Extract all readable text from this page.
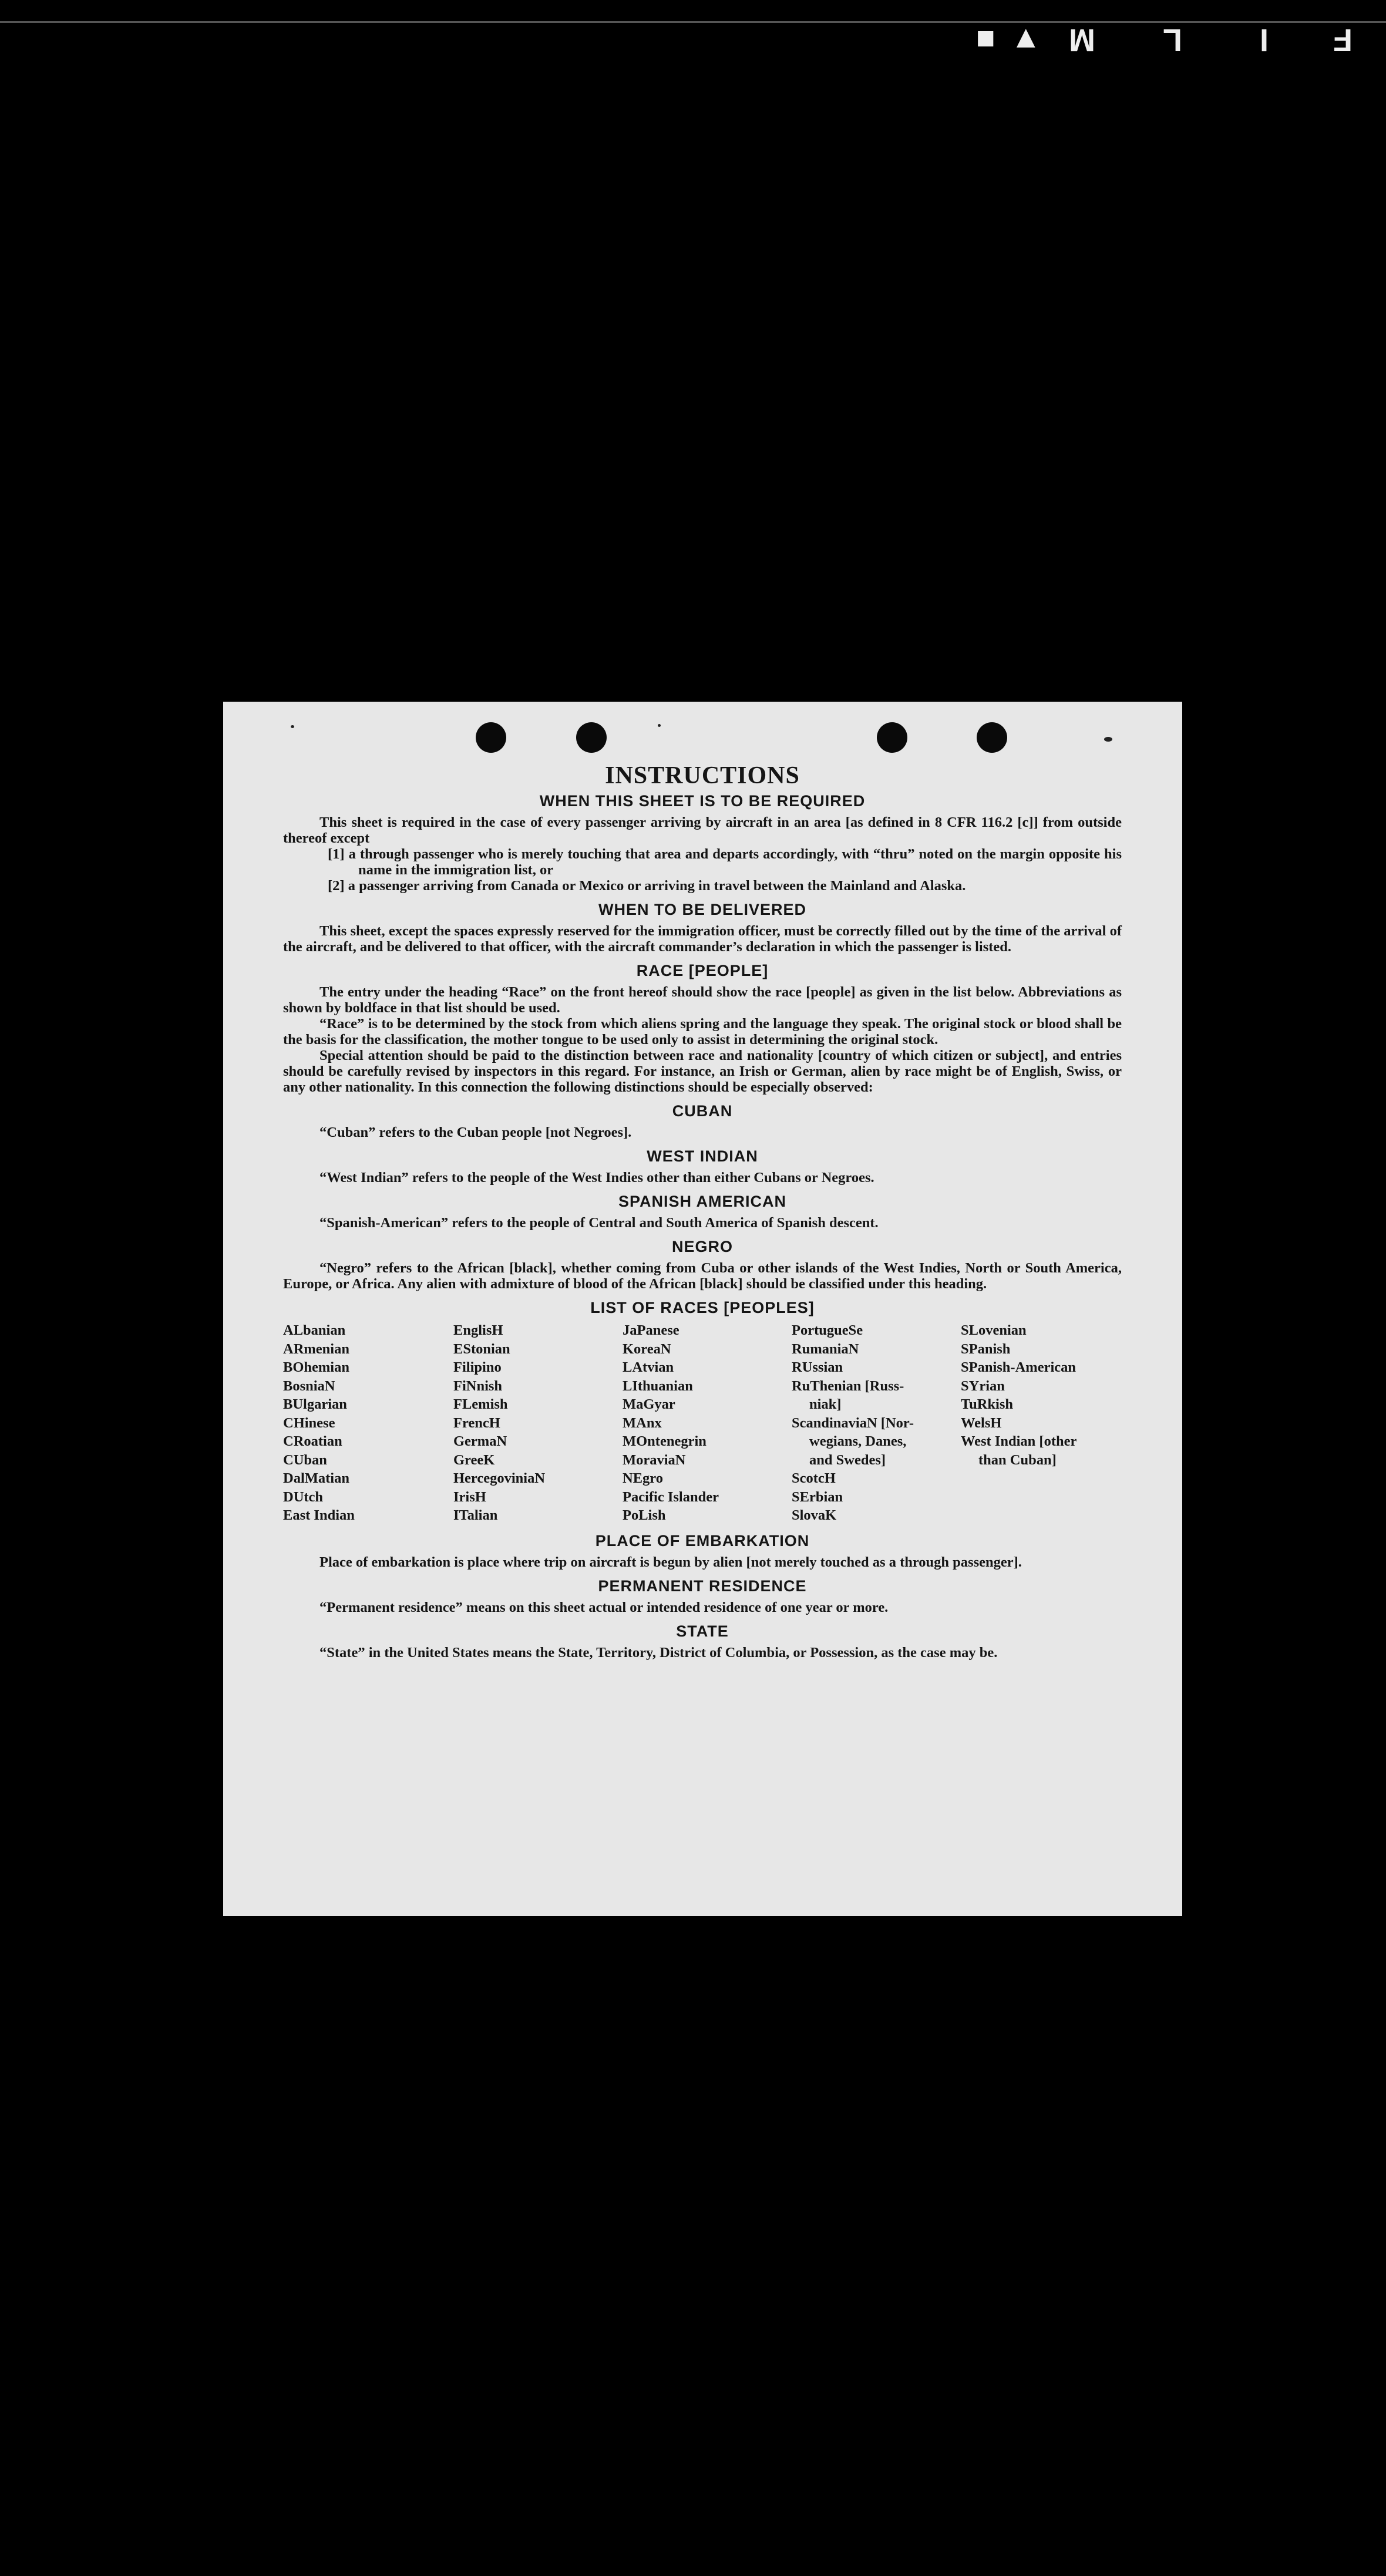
■ ▼ M L I F
INSTRUCTIONS
WHEN THIS SHEET IS TO BE REQUIRED

This sheet is required in the case of every passenger arriving by aircraft in an area [as defined in 8 CFR 116.2 [c]] from outside thereof except

[1] a through passenger who is merely touching that area and departs accordingly, with “thru” noted on the margin opposite his name in the immigration list, or

[2] a passenger arriving from Canada or Mexico or arriving in travel between the Mainland and Alaska.

WHEN TO BE DELIVERED

This sheet, except the spaces expressly reserved for the immigration officer, must be correctly filled out by the time of the arrival of the aircraft, and be delivered to that officer, with the aircraft commander’s declaration in which the passenger is listed.

RACE [PEOPLE]

The entry under the heading “Race” on the front hereof should show the race [people] as given in the list below. Abbreviations as shown by boldface in that list should be used.

“Race” is to be determined by the stock from which aliens spring and the language they speak. The original stock or blood shall be the basis for the classification, the mother tongue to be used only to assist in determining the original stock.

Special attention should be paid to the distinction between race and nationality [country of which citizen or subject], and entries should be carefully revised by inspectors in this regard. For instance, an Irish or German, alien by race might be of English, Swiss, or any other nationality. In this connection the following distinctions should be especially observed:

CUBAN

“Cuban” refers to the Cuban people [not Negroes].

WEST INDIAN

“West Indian” refers to the people of the West Indies other than either Cubans or Negroes.

SPANISH AMERICAN

“Spanish-American” refers to the people of Central and South America of Spanish descent.

NEGRO

“Negro” refers to the African [black], whether coming from Cuba or other islands of the West Indies, North or South America, Europe, or Africa. Any alien with admixture of blood of the African [black] should be classified under this heading.

LIST OF RACES [PEOPLES]
ALbanian
ARmenian
BOhemian
BosniaN
BUlgarian
CHinese
CRoatian
CUban
DalMatian
DUtch
East Indian
EnglisH
EStonian
Filipino
FiNnish
FLemish
FrencH
GermaN
GreeK
HercegoviniaN
IrisH
ITalian
JaPanese
KoreaN
LAtvian
LIthuanian
MaGyar
MAnx
MOntenegrin
MoraviaN
NEgro
Pacific Islander
PoLish
PortugueSe
RumaniaN
RUssian
RuThenian [Russ-
niak]
ScandinaviaN [Nor-
wegians, Danes,
and Swedes]
ScotcH
SErbian
SlovaK
SLovenian
SPanish
SPanish-American
SYrian
TuRkish
WelsH
West Indian [other
than Cuban]
PLACE OF EMBARKATION

Place of embarkation is place where trip on aircraft is begun by alien [not merely touched as a through passenger].

PERMANENT RESIDENCE

“Permanent residence” means on this sheet actual or intended residence of one year or more.

STATE

“State” in the United States means the State, Territory, District of Columbia, or Possession, as the case may be.
